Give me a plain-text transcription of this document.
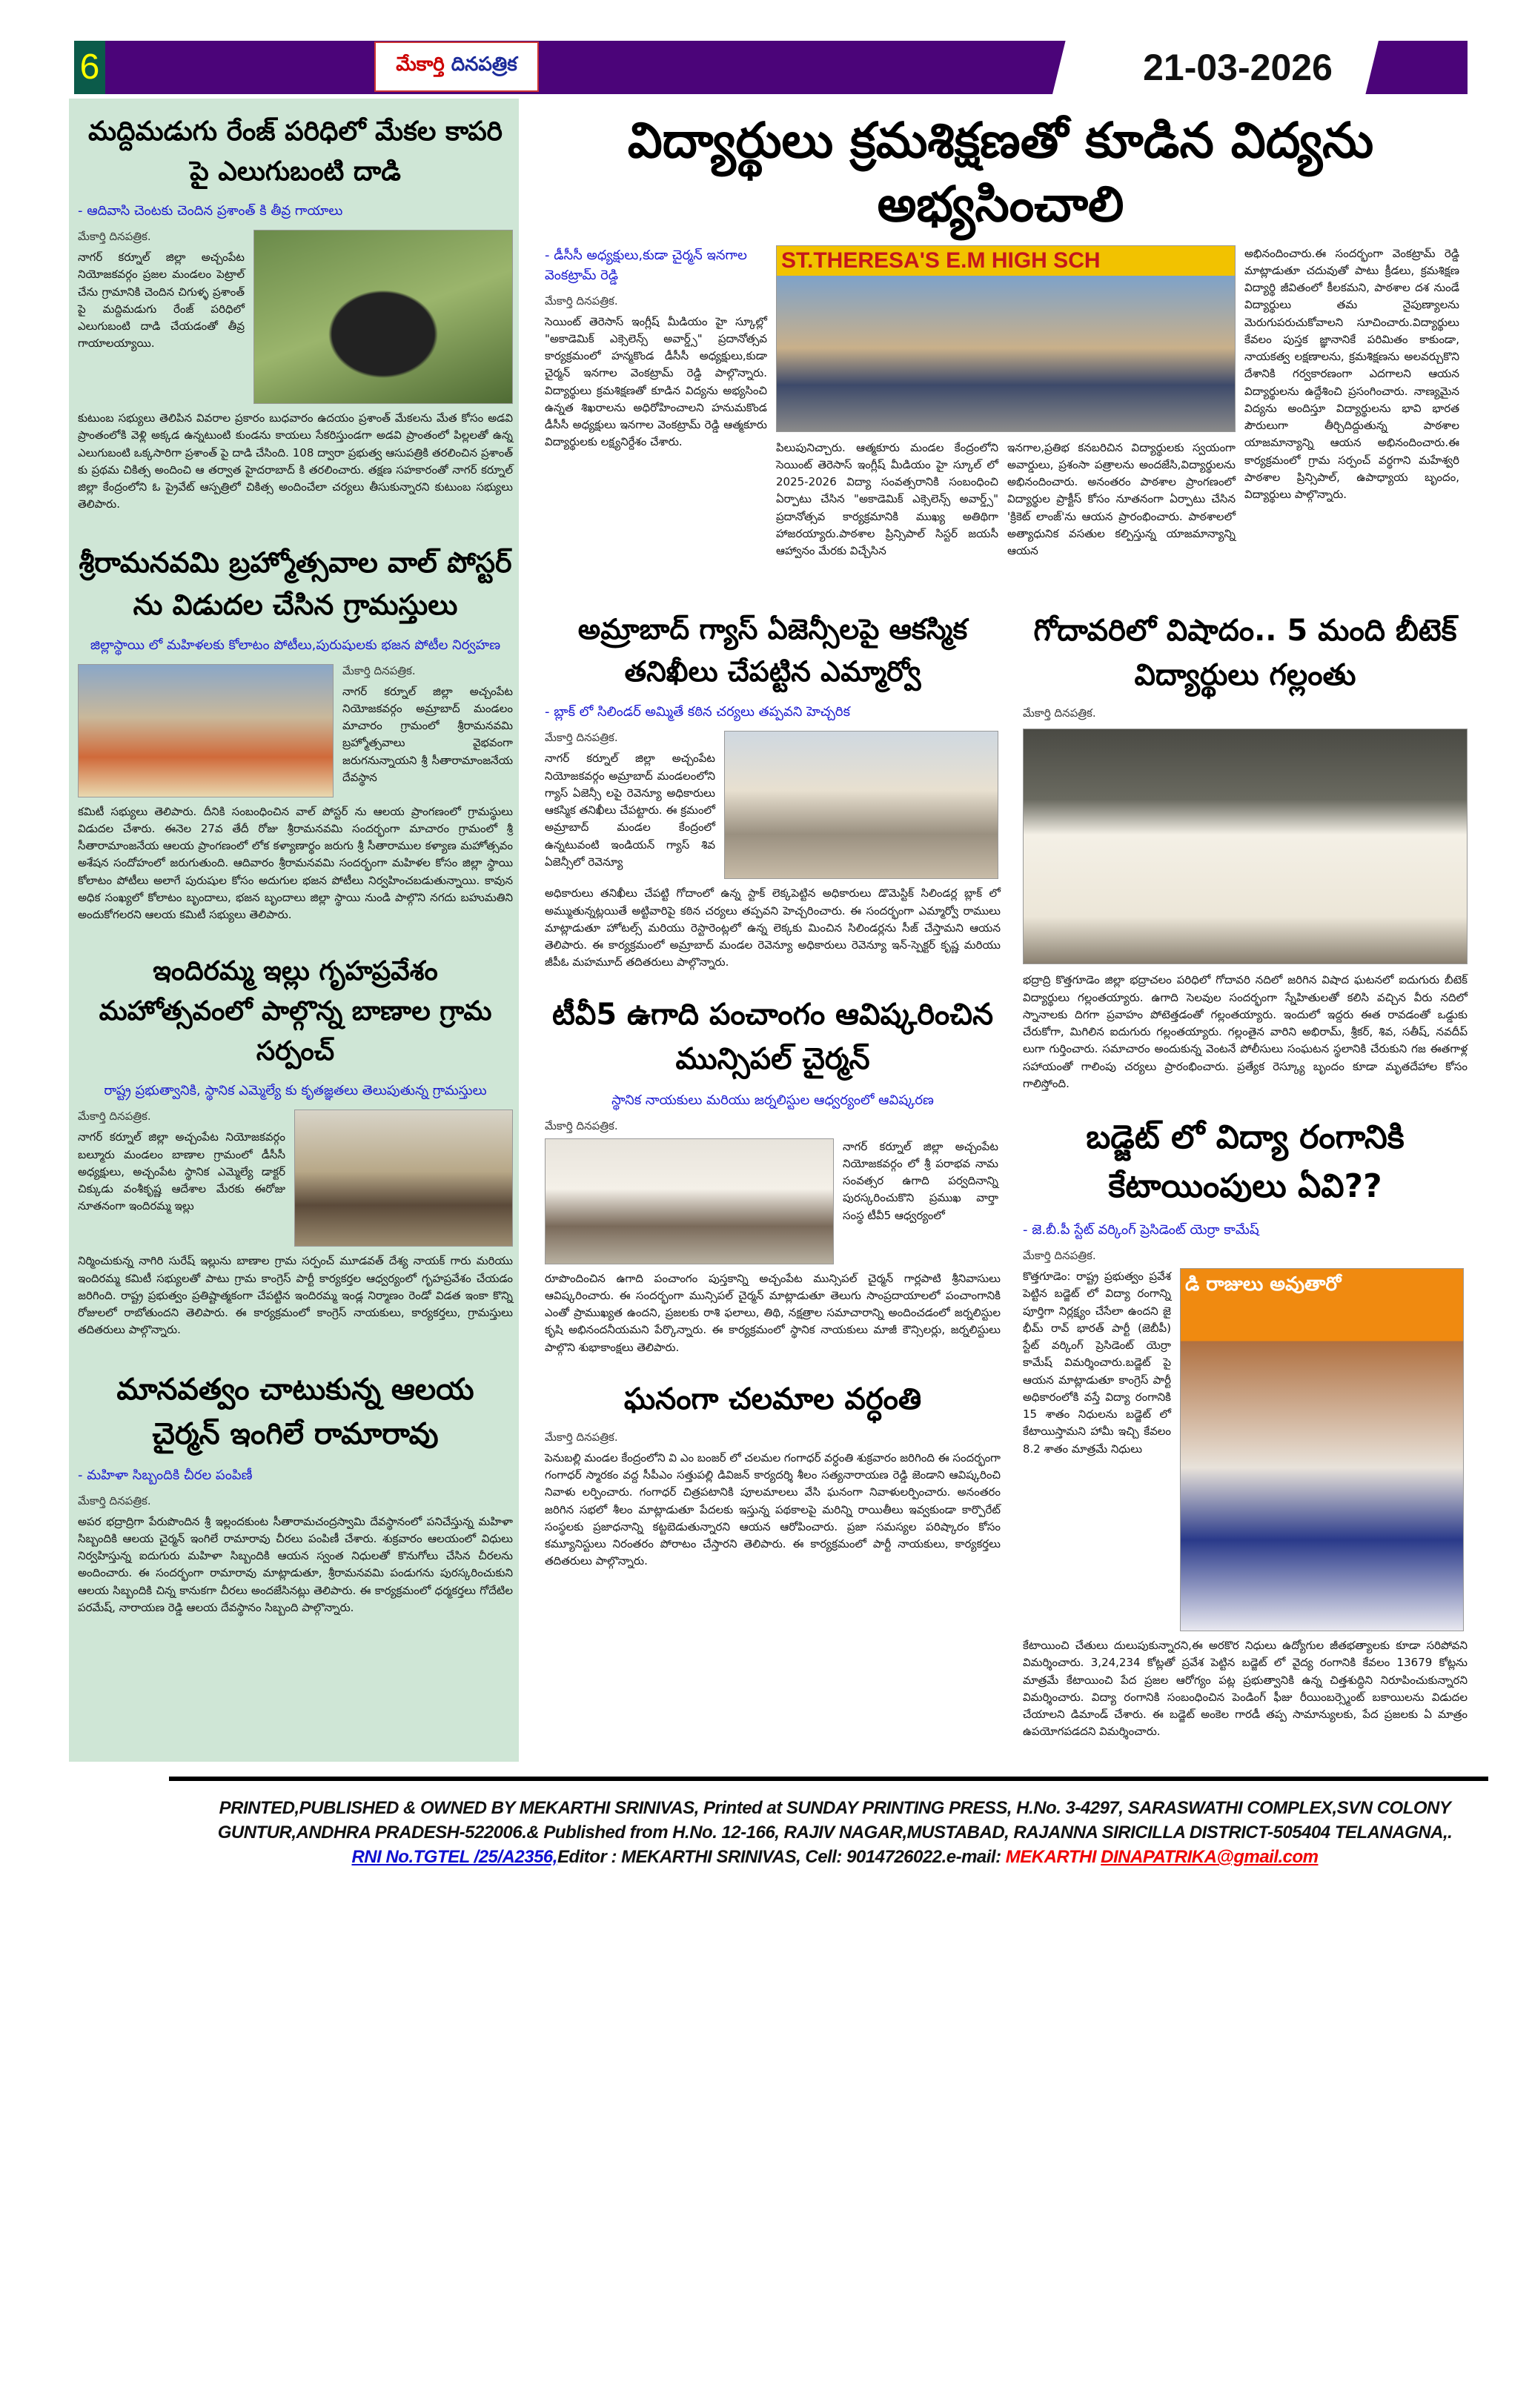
6	మేకార్తి
దినపత్రిక	21-03-2026
మద్దిమడుగు రేంజ్ పరిధిలో మేకల కాపరి పై ఎలుగుబంటి దాడి
- ఆదివాసి చెంటకు చెందిన ప్రశాంత్ కి తీవ్ర గాయాలు
మేకార్తి దినపత్రిక.
నాగర్ కర్నూల్ జిల్లా అచ్చంపేట నియోజకవర్గం ప్రజల మండలం పెట్రాల్ చేను గ్రామానికి చెందిన చిగుళ్ళ ప్రశాంత్ పై మద్దిమడుగు రేంజ్ పరిధిలో ఎలుగుబంటి దాడి చేయడంతో తీవ్ర గాయాలయ్యాయి.
కుటుంబ సభ్యులు తెలిపిన వివరాల ప్రకారం బుధవారం ఉదయం ప్రశాంత్ మేకలను మేత కోసం అడవి ప్రాంతంలోకి వెళ్లి అక్కడ ఉన్నటుంటి కుండను కాయలు సేకరిస్తుండగా అడవి ప్రాంతంలో పిల్లలతో ఉన్న ఎలుగుబంటి ఒక్కసారిగా ప్రశాంత్ పై దాడి చేసింది. 108 ద్వారా ప్రభుత్వ ఆసుపత్రికి తరలించిన ప్రశాంత్ కు ప్రథమ చికిత్స అందించి ఆ తర్వాత హైదరాబాద్ కి తరలించారు. తక్షణ సహకారంతో నాగర్ కర్నూల్ జిల్లా కేంద్రంలోని ఓ ప్రైవేట్ ఆస్పత్రిలో చికిత్స అందించేలా చర్యలు తీసుకున్నారని కుటుంబ సభ్యులు తెలిపారు.
శ్రీరామనవమి బ్రహ్మోత్సవాల వాల్ పోస్టర్ ను విడుదల చేసిన గ్రామస్తులు
జిల్లాస్థాయి లో మహిళలకు కోలాటం పోటీలు,పురుషులకు భజన పోటీల నిర్వహణ
మేకార్తి దినపత్రిక.
నాగర్ కర్నూల్ జిల్లా అచ్చంపేట నియోజకవర్గం అమ్రాబాద్ మండలం మాచారం గ్రామంలో శ్రీరామనవమి బ్రహ్మోత్సవాలు వైభవంగా జరుగనున్నాయని శ్రీ సీతారామాంజనేయ దేవస్థాన
కమిటీ సభ్యులు తెలిపారు. దీనికి సంబంధించిన వాల్ పోస్టర్ ను ఆలయ ప్రాంగణంలో గ్రామస్థులు విడుదల చేశారు. ఈనెల 27వ తేదీ రోజు శ్రీరామనవమి సందర్భంగా మాచారం గ్రామంలో శ్రీ సీతారామాంజనేయ ఆలయ ప్రాంగణంలో లోక కళ్యాణార్థం జరుగు శ్రీ సీతారాముల కళ్యాణ మహోత్సవం అశేషన సందోహంలో జరుగుతుంది. ఆదివారం శ్రీరామనవమి సందర్భంగా మహిళల కోసం జిల్లా స్థాయి కోలాటం పోటీలు అలాగే పురుషుల కోసం అదుగుల భజన పోటీలు నిర్వహించబడుతున్నాయి. కావున అధిక సంఖ్యలో కోలాటం బృందాలు, భజన బృందాలు జిల్లా స్థాయి నుండి పాల్గొని నగదు బహుమతిని అందుకోగలరని ఆలయ కమిటీ సభ్యులు తెలిపారు.
ఇందిరమ్మ ఇల్లు గృహప్రవేశం మహోత్సవంలో పాల్గొన్న బాణాల గ్రామ సర్పంచ్
రాష్ట్ర ప్రభుత్వానికి, స్థానిక ఎమ్మెల్యే కు కృతజ్ఞతలు తెలుపుతున్న గ్రామస్తులు
మేకార్తి దినపత్రిక.
నాగర్ కర్నూల్ జిల్లా అచ్చంపేట నియోజకవర్గం బల్మూరు మండలం బాణాల గ్రామంలో డీసీసీ అధ్యక్షులు, అచ్చంపేట స్థానిక ఎమ్మెల్యే డాక్టర్ చిక్కుడు వంశీకృష్ణ ఆదేశాల మేరకు ఈరోజు నూతనంగా ఇందిరమ్మ ఇల్లు
నిర్మించుకున్న నాగిరి సురేష్ ఇల్లును బాణాల గ్రామ సర్పంచ్ మూడవత్ దేశ్య నాయక్ గారు మరియు ఇందిరమ్మ కమిటీ సభ్యులతో పాటు గ్రామ కాంగ్రెస్ పార్టీ కార్యకర్తల ఆధ్వర్యంలో గృహప్రవేశం చేయడం జరిగింది. రాష్ట్ర ప్రభుత్వం ప్రతిష్టాత్మకంగా చేపట్టిన ఇందిరమ్మ ఇండ్ల నిర్మాణం రెండో విడత ఇంకా కొన్ని రోజులలో రాబోతుందని తెలిపారు. ఈ కార్యక్రమంలో కాంగ్రెస్ నాయకులు, కార్యకర్తలు, గ్రామస్తులు తదితరులు పాల్గొన్నారు.
మానవత్వం చాటుకున్న ఆలయ చైర్మన్ ఇంగిలే రామారావు
- మహిళా సిబ్బందికి చీరల పంపిణీ
మేకార్తి దినపత్రిక.
అపర భద్రాద్రిగా పేరుపొందిన శ్రీ ఇల్లందకుంట సీతారామచంద్రస్వామి దేవస్థానంలో పనిచేస్తున్న మహిళా సిబ్బందికి ఆలయ చైర్మన్ ఇంగిలే రామారావు చీరలు పంపిణీ చేశారు. శుక్రవారం ఆలయంలో విధులు నిర్వహిస్తున్న ఐదుగురు మహిళా సిబ్బందికి ఆయన స్వంత నిధులతో కొనుగోలు చేసిన చీరలను అందించారు. ఈ సందర్భంగా రామారావు మాట్లాడుతూ, శ్రీరామనవమి పండుగను పురస్కరించుకుని ఆలయ సిబ్బందికి చిన్న కానుకగా చీరలు అందజేసినట్లు తెలిపారు. ఈ కార్యక్రమంలో ధర్మకర్తలు గోదేటిల పరమేష్, నారాయణ రెడ్డి ఆలయ దేవస్థానం సిబ్బంది పాల్గొన్నారు.
విద్యార్థులు క్రమశిక్షణతో కూడిన విద్యను అభ్యసించాలి
- డీసీసీ అధ్యక్షులు,కుడా చైర్మన్ ఇనగాల వెంకట్రామ్ రెడ్డి
మేకార్తి దినపత్రిక.
సెయింట్ తెరెసాస్ ఇంగ్లీష్ మీడియం హై స్కూల్లో "అకాడెమిక్ ఎక్సెలెన్స్ అవార్డ్స్" ప్రదానోత్సవ కార్యక్రమంలో హన్మకొండ డీసీసీ అధ్యక్షులు,కుడా చైర్మన్ ఇనగాల వెంకట్రామ్ రెడ్డి పాల్గొన్నారు. విద్యార్థులు క్రమశిక్షణతో కూడిన విద్యను అభ్యసించి ఉన్నత శిఖరాలను అధిరోహించాలని హనుమకొండ డీసీసీ అధ్యక్షులు ఇనగాల వెంకట్రామ్ రెడ్డి ఆత్మకూరు విద్యార్థులకు లక్ష్యనిర్దేశం చేశారు.
ST.THERESA'S E.M HIGH SCH
పిలుపునిచ్చారు. ఆత్మకూరు మండల కేంద్రంలోని సెయింట్ తెరెసాస్ ఇంగ్లీష్ మీడియం హై స్కూల్ లో 2025-2026 విద్యా సంవత్సరానికి సంబంధించి ఏర్పాటు చేసిన "అకాడెమిక్ ఎక్సెలెన్స్ అవార్డ్స్" ప్రదానోత్సవ కార్యక్రమానికి ముఖ్య అతిథిగా హాజరయ్యారు.పాఠశాల ప్రిన్సిపాల్ సిస్టర్ జయసీ ఆహ్వానం మేరకు విచ్చేసిన
ఇనగాల,ప్రతిభ కనబరిచిన విద్యార్థులకు స్వయంగా అవార్డులు, ప్రశంసా పత్రాలను అందజేసి,విద్యార్థులను అభినందించారు. అనంతరం పాఠశాల ప్రాంగణంలో విద్యార్థుల ప్రాక్టీస్ కోసం నూతనంగా ఏర్పాటు చేసిన 'క్రికెట్ లాంజ్'ను ఆయన ప్రారంభించారు. పాఠశాలలో అత్యాధునిక వసతుల కల్పిస్తున్న యాజమాన్యాన్ని ఆయన
అభినందించారు.ఈ సందర్భంగా వెంకట్రామ్ రెడ్డి మాట్లాడుతూ చదువుతో పాటు క్రీడలు, క్రమశిక్షణ విద్యార్థి జీవితంలో కీలకమని, పాఠశాల దశ నుండే విద్యార్థులు తమ నైపుణ్యాలను మెరుగుపరుచుకోవాలని సూచించారు.విద్యార్థులు కేవలం పుస్తక జ్ఞానానికే పరిమితం కాకుండా, నాయకత్వ లక్షణాలను, క్రమశిక్షణను అలవర్చుకొని దేశానికి గర్వకారణంగా ఎదగాలని ఆయన విద్యార్థులను ఉద్దేశించి ప్రసంగించారు. నాణ్యమైన విద్యను అందిస్తూ విద్యార్థులను భావి భారత పౌరులుగా తీర్చిదిద్దుతున్న పాఠశాల యాజమాన్యాన్ని ఆయన అభినందించారు.ఈ కార్యక్రమంలో గ్రామ సర్పంచ్ వర్థగాని మహేశ్వరి పాఠశాల ప్రిన్సిపాల్, ఉపాధ్యాయ బృందం, విద్యార్థులు పాల్గొన్నారు.
అమ్రాబాద్ గ్యాస్ ఏజెన్సీలపై ఆకస్మిక తనిఖీలు చేపట్టిన ఎమ్మార్వో
- బ్లాక్ లో సిలిండర్ అమ్మితే కఠిన చర్యలు తప్పవని హెచ్చరిక
మేకార్తి దినపత్రిక.
నాగర్ కర్నూల్ జిల్లా అచ్చంపేట నియోజకవర్గం అమ్రాబాద్ మండలంలోని గ్యాస్ ఏజెన్సీ లపై రెవెన్యూ అధికారులు ఆకస్మిక తనిఖీలు చేపట్టారు. ఈ క్రమంలో అమ్రాబాద్ మండల కేంద్రంలో ఉన్నటువంటి ఇండియన్ గ్యాస్ శివ ఏజెన్సీలో రెవెన్యూ
అధికారులు తనిఖీలు చేపట్టి గోదాంలో ఉన్న స్టాక్ లెక్కపెట్టిన అధికారులు డొమెస్టిక్ సిలిండర్ల బ్లాక్ లో అమ్ముతున్నట్లయితే అట్టివారిపై కఠిన చర్యలు తప్పవని హెచ్చరించారు. ఈ సందర్భంగా ఎమ్మార్వో రాములు మాట్లాడుతూ హోటల్స్ మరియు రెస్టారెంట్లలో ఉన్న లెక్కకు మించిన సిలిండర్లను సీజ్ చేస్తామని ఆయన తెలిపారు. ఈ కార్యక్రమంలో అమ్రాబాద్ మండల రెవెన్యూ అధికారులు రెవెన్యూ ఇన్-స్పెక్టర్ కృష్ణ మరియు జీపీఓ మహమూద్ తదితరులు పాల్గొన్నారు.
టీవీ5 ఉగాది పంచాంగం ఆవిష్కరించిన మున్సిపల్ చైర్మన్
స్థానిక నాయకులు మరియు జర్నలిస్టుల ఆధ్వర్యంలో ఆవిష్కరణ
మేకార్తి దినపత్రిక.
నాగర్ కర్నూల్ జిల్లా అచ్చంపేట నియోజకవర్గం లో శ్రీ పరాభవ నామ సంవత్సర ఉగాది పర్వదినాన్ని పురస్కరించుకొని ప్రముఖ వార్తా సంస్థ టీవీ5 ఆధ్వర్యంలో
రూపొందించిన ఉగాది పంచాంగం పుస్తకాన్ని అచ్చంపేట మున్సిపల్ చైర్మన్ గార్లపాటి శ్రీనివాసులు ఆవిష్కరించారు. ఈ సందర్భంగా మున్సిపల్ చైర్మన్ మాట్లాడుతూ తెలుగు సాంప్రదాయాలలో పంచాంగానికి ఎంతో ప్రాముఖ్యత ఉందని, ప్రజలకు రాశి ఫలాలు, తిథి, నక్షత్రాల సమాచారాన్ని అందించడంలో జర్నలిస్టుల కృషి అభినందనీయమని పేర్కొన్నారు. ఈ కార్యక్రమంలో స్థానిక నాయకులు మాజీ కౌన్సిలర్లు, జర్నలిస్టులు పాల్గొని శుభాకాంక్షలు తెలిపారు.
ఘనంగా చలమాల వర్ధంతి
మేకార్తి దినపత్రిక.
పెనుబల్లి మండల కేంద్రంలోని వి ఎం బంజర్ లో చలమల గంగాధర్ వర్ధంతి శుక్రవారం జరిగింది ఈ సందర్భంగా గంగాధర్ స్మారకం వద్ద సీపీఎం సత్తుపల్లి డివిజన్ కార్యదర్శి శీలం సత్యనారాయణ రెడ్డి జెండాని ఆవిష్కరించి నివాళు లర్పించారు. గంగాధర్ చిత్రపటానికి పూలమాలలు వేసి ఘనంగా నివాళులర్పించారు. అనంతరం జరిగిన సభలో శీలం మాట్లాడుతూ పేదలకు ఇస్తున్న పథకాలపై మరిన్ని రాయితీలు ఇవ్వకుండా కార్పొరేట్ సంస్థలకు ప్రజాధనాన్ని కట్టబెడుతున్నారని ఆయన ఆరోపించారు. ప్రజా సమస్యల పరిష్కారం కోసం కమ్యూనిస్టులు నిరంతరం పోరాటం చేస్తారని తెలిపారు. ఈ కార్యక్రమంలో పార్టీ నాయకులు, కార్యకర్తలు తదితరులు పాల్గొన్నారు.
గోదావరిలో విషాదం.. 5 మంది బీటెక్ విద్యార్థులు గల్లంతు
మేకార్తి దినపత్రిక.
భద్రాద్రి కొత్తగూడెం జిల్లా భద్రాచలం పరిధిలో గోదావరి నదిలో జరిగిన విషాద ఘటనలో ఐదుగురు బీటెక్ విద్యార్థులు గల్లంతయ్యారు. ఉగాది సెలవుల సందర్భంగా స్నేహితులతో కలిసి వచ్చిన వీరు నదిలో స్నానాలకు దిగగా ప్రవాహం పోటెత్తడంతో గల్లంతయ్యారు. ఇందులో ఇద్దరు ఈత రావడంతో ఒడ్డుకు చేరుకోగా, మిగిలిన ఐదుగురు గల్లంతయ్యారు. గల్లంతైన వారిని అభిరామ్, శ్రీకర్, శివ, సతీష్, నవదీప్ లుగా గుర్తించారు. సమాచారం అందుకున్న వెంటనే పోలీసులు సంఘటన స్థలానికి చేరుకుని గజ ఈతగాళ్ల సహాయంతో గాలింపు చర్యలు ప్రారంభించారు. ప్రత్యేక రెస్క్యూ బృందం కూడా మృతదేహాల కోసం గాలిస్తోంది.
బడ్జెట్ లో విద్యా రంగానికి కేటాయింపులు ఏవి??
- జె.బీ.పీ స్టేట్ వర్కింగ్ ప్రెసిడెంట్ యెర్రా కామేష్
మేకార్తి దినపత్రిక.
కొత్తగూడెం: రాష్ట్ర ప్రభుత్వం ప్రవేశ పెట్టిన బడ్జెట్ లో విద్యా రంగాన్ని పూర్తిగా నిర్లక్ష్యం చేసేలా ఉందని జై భీమ్ రావ్ భారత్ పార్టీ (జెబీపీ) స్టేట్ వర్కింగ్ ప్రెసిడెంట్ యెర్రా కామేష్ విమర్శించారు.బడ్జెట్ పై ఆయన మాట్లాడుతూ కాంగ్రెస్ పార్టీ అధికారంలోకి వస్తే విద్యా రంగానికి 15 శాతం నిధులను బడ్జెట్ లో కేటాయిస్తామని హామీ ఇచ్చి కేవలం 8.2 శాతం మాత్రమే నిధులు
డి రాజులు అవుతారో
కేటాయించి చేతులు దులుపుకున్నారని,ఈ అరకొర నిధులు ఉద్యోగుల జీతభత్యాలకు కూడా సరిపోవని విమర్శించారు. 3,24,234 కోట్లతో ప్రవేశ పెట్టిన బడ్జెట్ లో వైద్య రంగానికి కేవలం 13679 కోట్లను మాత్రమే కేటాయించి పేద ప్రజల ఆరోగ్యం పట్ల ప్రభుత్వానికి ఉన్న చిత్తశుద్ధిని నిరూపించుకున్నారని విమర్శించారు. విద్యా రంగానికి సంబంధించిన పెండింగ్ ఫీజు రీయింబర్స్మెంట్ బకాయిలను విడుదల చేయాలని డిమాండ్ చేశారు. ఈ బడ్జెట్ అంకెల గారడీ తప్ప సామాన్యులకు, పేద ప్రజలకు ఏ మాత్రం ఉపయోగపడదని విమర్శించారు.
PRINTED,PUBLISHED & OWNED BY MEKARTHI SRINIVAS, Printed at SUNDAY PRINTING PRESS, H.No. 3-4297, SARASWATHI COMPLEX,SVN COLONY
GUNTUR,ANDHRA PRADESH-522006.& Published from H.No. 12-166, RAJIV NAGAR,MUSTABAD, RAJANNA SIRICILLA DISTRICT-505404 TELANAGNA,.
RNI No.TGTEL /25/A2356,Editor : MEKARTHI SRINIVAS, Cell: 9014726022.e-mail: MEKARTHI DINAPATRIKA@gmail.com
